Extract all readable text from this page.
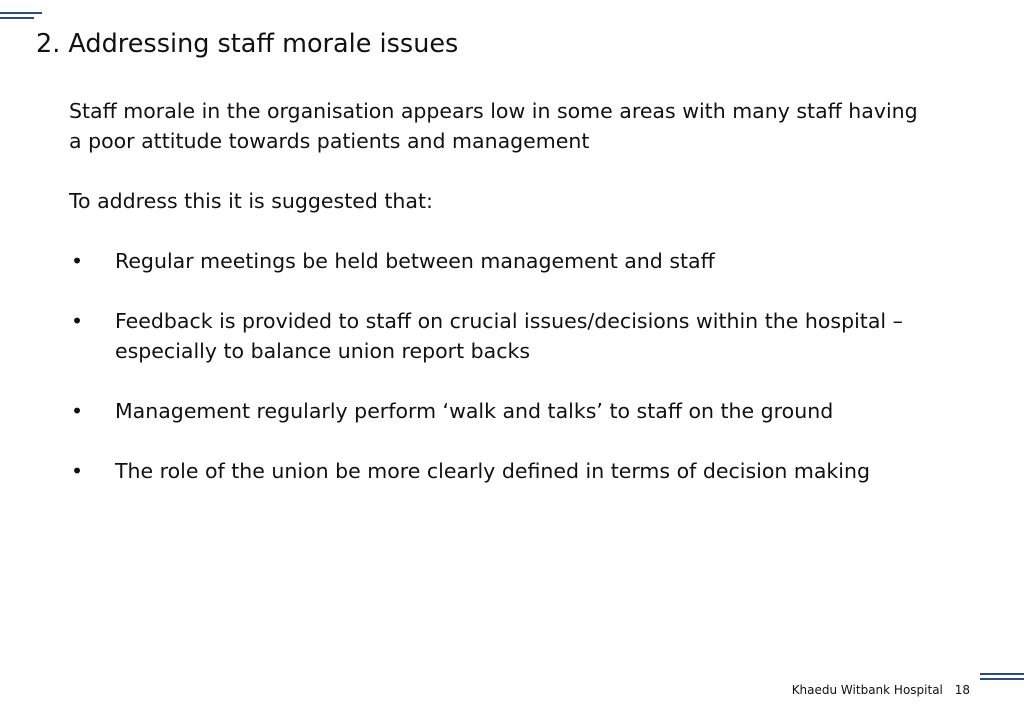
2. Addressing staff morale issues

Staff morale in the organisation appears low in some areas with many staff having a poor attitude towards patients and management

To address this it is suggested that:

• Regular meetings be held between management and staff
• Feedback is provided to staff on crucial issues/decisions within the hospital – especially to balance union report backs
• Management regularly perform ‘walk and talks’ to staff on the ground
• The role of the union be more clearly defined in terms of decision making
Khaedu Witbank Hospital 18
